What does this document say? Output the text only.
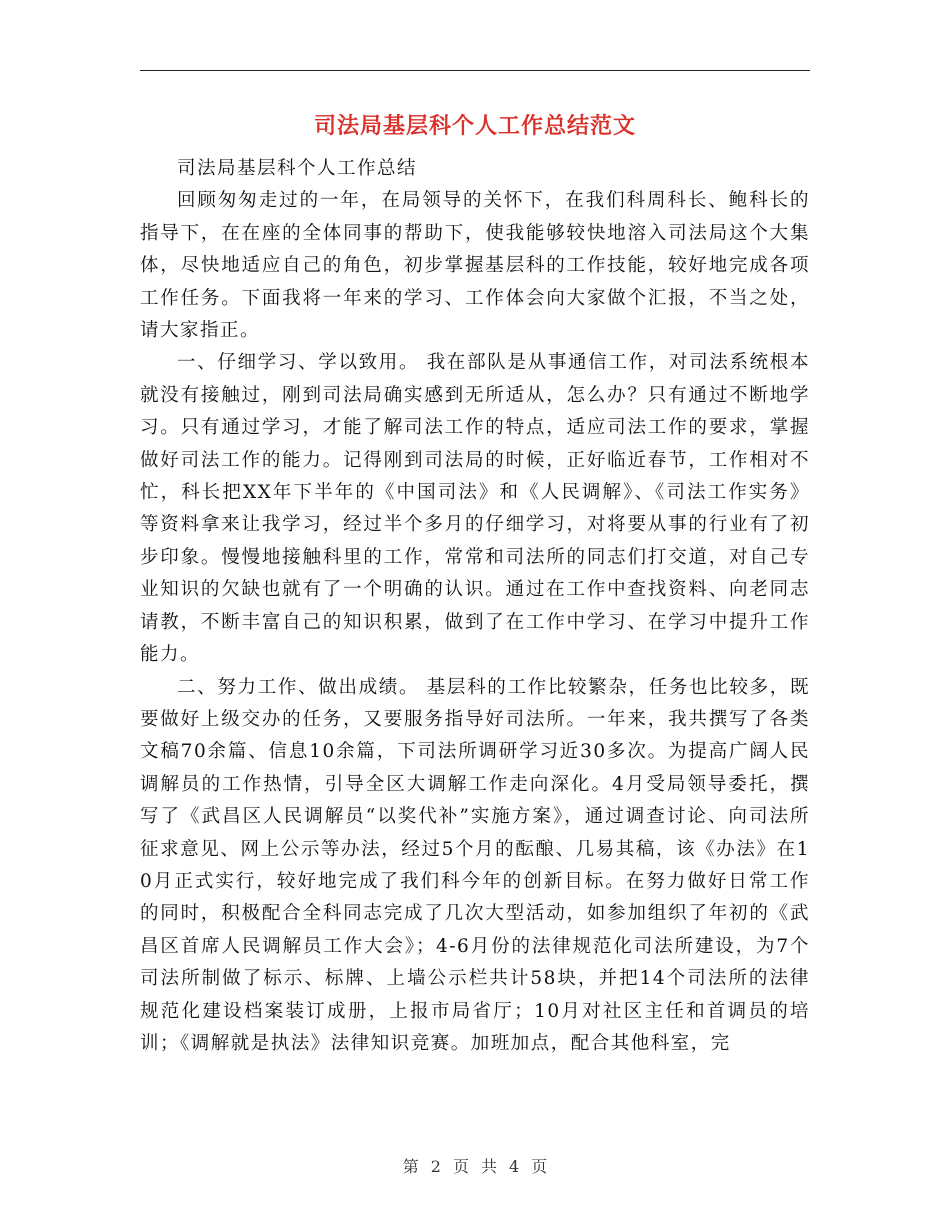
司法局基层科个人工作总结范文

司法局基层科个人工作总结

回顾匆匆走过的一年，在局领导的关怀下，在我们科周科长、鲍科长的指导下，在在座的全体同事的帮助下，使我能够较快地溶入司法局这个大集体，尽快地适应自己的角色，初步掌握基层科的工作技能，较好地完成各项工作任务。下面我将一年来的学习、工作体会向大家做个汇报，不当之处，请大家指正。

一、仔细学习、学以致用。 我在部队是从事通信工作，对司法系统根本就没有接触过，刚到司法局确实感到无所适从，怎么办？只有通过不断地学习。只有通过学习，才能了解司法工作的特点，适应司法工作的要求，掌握做好司法工作的能力。记得刚到司法局的时候，正好临近春节，工作相对不忙，科长把XX年下半年的《中国司法》和《人民调解》、《司法工作实务》等资料拿来让我学习，经过半个多月的仔细学习，对将要从事的行业有了初步印象。慢慢地接触科里的工作，常常和司法所的同志们打交道，对自己专业知识的欠缺也就有了一个明确的认识。通过在工作中查找资料、向老同志请教，不断丰富自己的知识积累，做到了在工作中学习、在学习中提升工作能力。

二、努力工作、做出成绩。 基层科的工作比较繁杂，任务也比较多，既要做好上级交办的任务，又要服务指导好司法所。一年来，我共撰写了各类文稿70余篇、信息10余篇，下司法所调研学习近30多次。为提高广阔人民调解员的工作热情，引导全区大调解工作走向深化。4月受局领导委托，撰写了《武昌区人民调解员“以奖代补”实施方案》，通过调查讨论、向司法所征求意见、网上公示等办法，经过5个月的酝酿、几易其稿，该《办法》在10月正式实行，较好地完成了我们科今年的创新目标。在努力做好日常工作的同时，积极配合全科同志完成了几次大型活动，如参加组织了年初的《武昌区首席人民调解员工作大会》；4-6月份的法律规范化司法所建设，为7个司法所制做了标示、标牌、上墙公示栏共计58块，并把14个司法所的法律规范化建设档案装订成册，上报市局省厅；10月对社区主任和首调员的培训；《调解就是执法》法律知识竞赛。加班加点，配合其他科室，完

第 2 页 共 4 页
